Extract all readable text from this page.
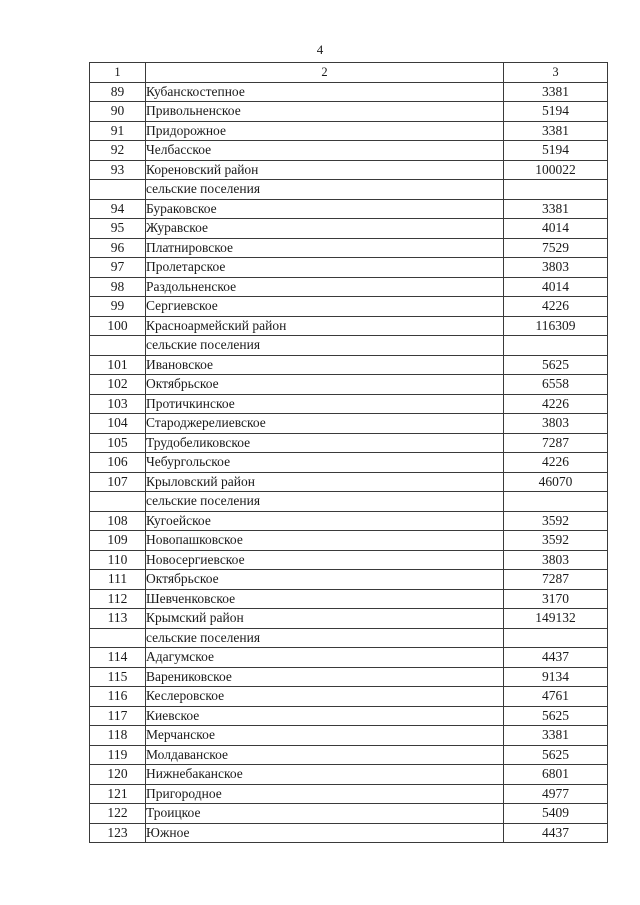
4
1	2	3
89	Кубанскостепное	3381
90	Привольненское	5194
91	Придорожное	3381
92	Челбасское	5194
93	Кореновский район	100022
	сельские поселения	
94	Бураковское	3381
95	Журавское	4014
96	Платнировское	7529
97	Пролетарское	3803
98	Раздольненское	4014
99	Сергиевское	4226
100	Красноармейский район	116309
	сельские поселения	
101	Ивановское	5625
102	Октябрьское	6558
103	Протичкинское	4226
104	Староджерелиевское	3803
105	Трудобеликовское	7287
106	Чебургольское	4226
107	Крыловский район	46070
	сельские поселения	
108	Кугоейское	3592
109	Новопашковское	3592
110	Новосергиевское	3803
111	Октябрьское	7287
112	Шевченковское	3170
113	Крымский район	149132
	сельские поселения	
114	Адагумское	4437
115	Варениковское	9134
116	Кеслеровское	4761
117	Киевское	5625
118	Мерчанское	3381
119	Молдаванское	5625
120	Нижнебаканское	6801
121	Пригородное	4977
122	Троицкое	5409
123	Южное	4437
